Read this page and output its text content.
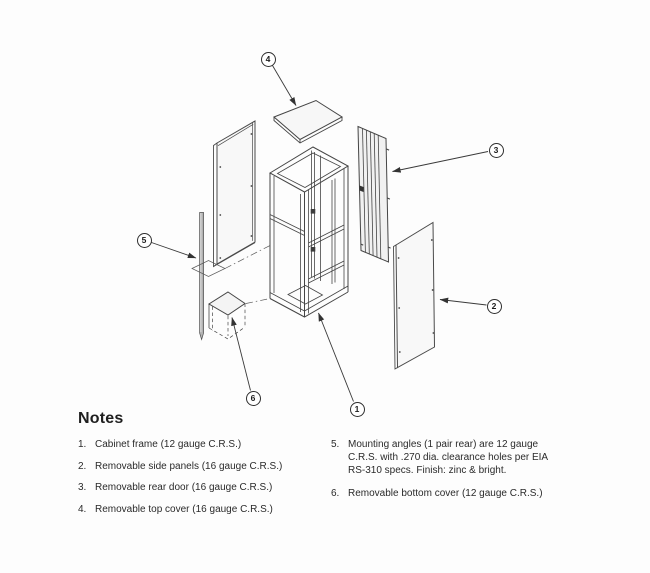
1
2
3
4
5
6
Notes
1. Cabinet frame (12 gauge C.R.S.)
2. Removable side panels (16 gauge C.R.S.)
3. Removable rear door (16 gauge C.R.S.)
4. Removable top cover (16 gauge C.R.S.)
5. Mounting angles (1 pair rear) are 12 gauge
C.R.S. with .270 dia. clearance holes per EIA
RS-310 specs. Finish: zinc & bright.
6. Removable bottom cover (12 gauge C.R.S.)
